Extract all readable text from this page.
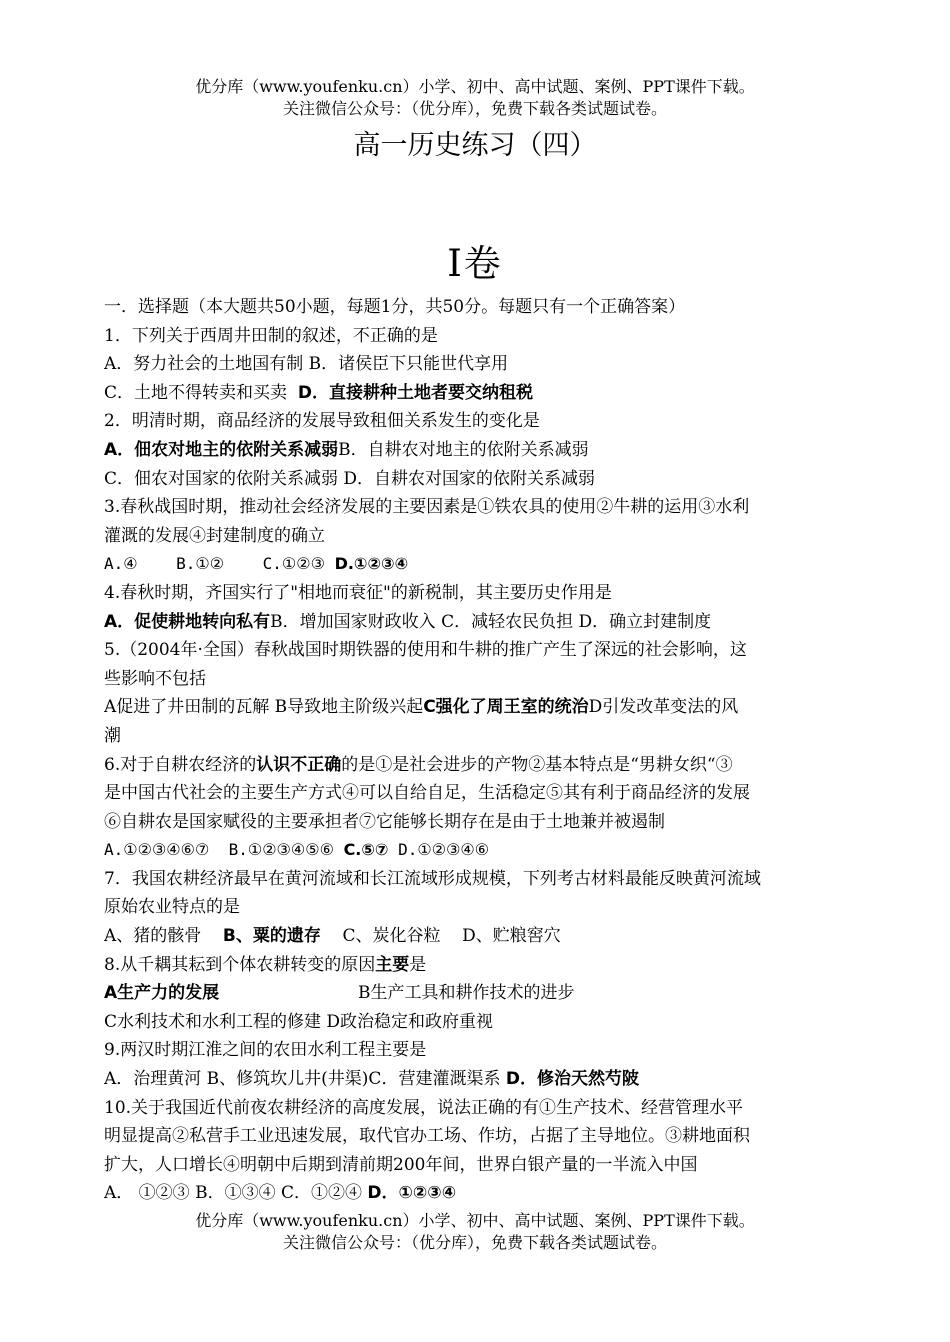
优分库（www.youfenku.cn）小学、初中、高中试题、案例、PPT课件下载。
关注微信公众号：（优分库），免费下载各类试题试卷。
高一历史练习（四）
Ⅰ卷
一．选择题（本大题共50小题，每题1分，共50分。每题只有一个正确答案）
1．下列关于西周井田制的叙述，不正确的是
A．努力社会的土地国有制 B．诸侯臣下只能世代享用
C．土地不得转卖和买卖  D．直接耕种土地者要交纳租税
2．明清时期，商品经济的发展导致租佃关系发生的变化是
A．佃农对地主的依附关系减弱B．自耕农对地主的依附关系减弱
C．佃农对国家的依附关系减弱 D．自耕农对国家的依附关系减弱
3.春秋战国时期，推动社会经济发展的主要因素是①铁农具的使用②牛耕的运用③水利
灌溉的发展④封建制度的确立
A.④    B.①②    C.①②③ D.①②③④
4.春秋时期，齐国实行了"相地而衰征"的新税制，其主要历史作用是
A．促使耕地转向私有B．增加国家财政收入 C．减轻农民负担 D．确立封建制度
5.（2004年·全国）春秋战国时期铁器的使用和牛耕的推广产生了深远的社会影响，这
些影响不包括
A促进了井田制的瓦解 B导致地主阶级兴起C强化了周王室的统治D引发改革变法的风
潮
6.对于自耕农经济的认识不正确的是①是社会进步的产物②基本特点是“男耕女织“③
是中国古代社会的主要生产方式④可以自给自足，生活稳定⑤其有利于商品经济的发展
⑥自耕农是国家赋役的主要承担者⑦它能够长期存在是由于土地兼并被遏制
A.①②③④⑥⑦  B.①②③④⑤⑥ C.⑤⑦ D.①②③④⑥
7．我国农耕经济最早在黄河流域和长江流域形成规模，下列考古材料最能反映黄河流域
原始农业特点的是
A、猪的骸骨    B、粟的遗存    C、炭化谷粒    D、贮粮窖穴
8.从千耦其耘到个体农耕转变的原因主要是
A生产力的发展	B生产工具和耕作技术的进步
C水利技术和水利工程的修建 D政治稳定和政府重视
9.两汉时期江淮之间的农田水利工程主要是
A．治理黄河 B、修筑坎儿井(井渠)C．营建灌溉渠系 D．修治天然芍陂
10.关于我国近代前夜农耕经济的高度发展，说法正确的有①生产技术、经营管理水平
明显提高②私营手工业迅速发展，取代官办工场、作坊，占据了主导地位。③耕地面积
扩大，人口增长④明朝中后期到清前期200年间，世界白银产量的一半流入中国
A． ①②③ B．①③④ C．①②④ D．①②③④
优分库（www.youfenku.cn）小学、初中、高中试题、案例、PPT课件下载。
关注微信公众号：（优分库），免费下载各类试题试卷。
